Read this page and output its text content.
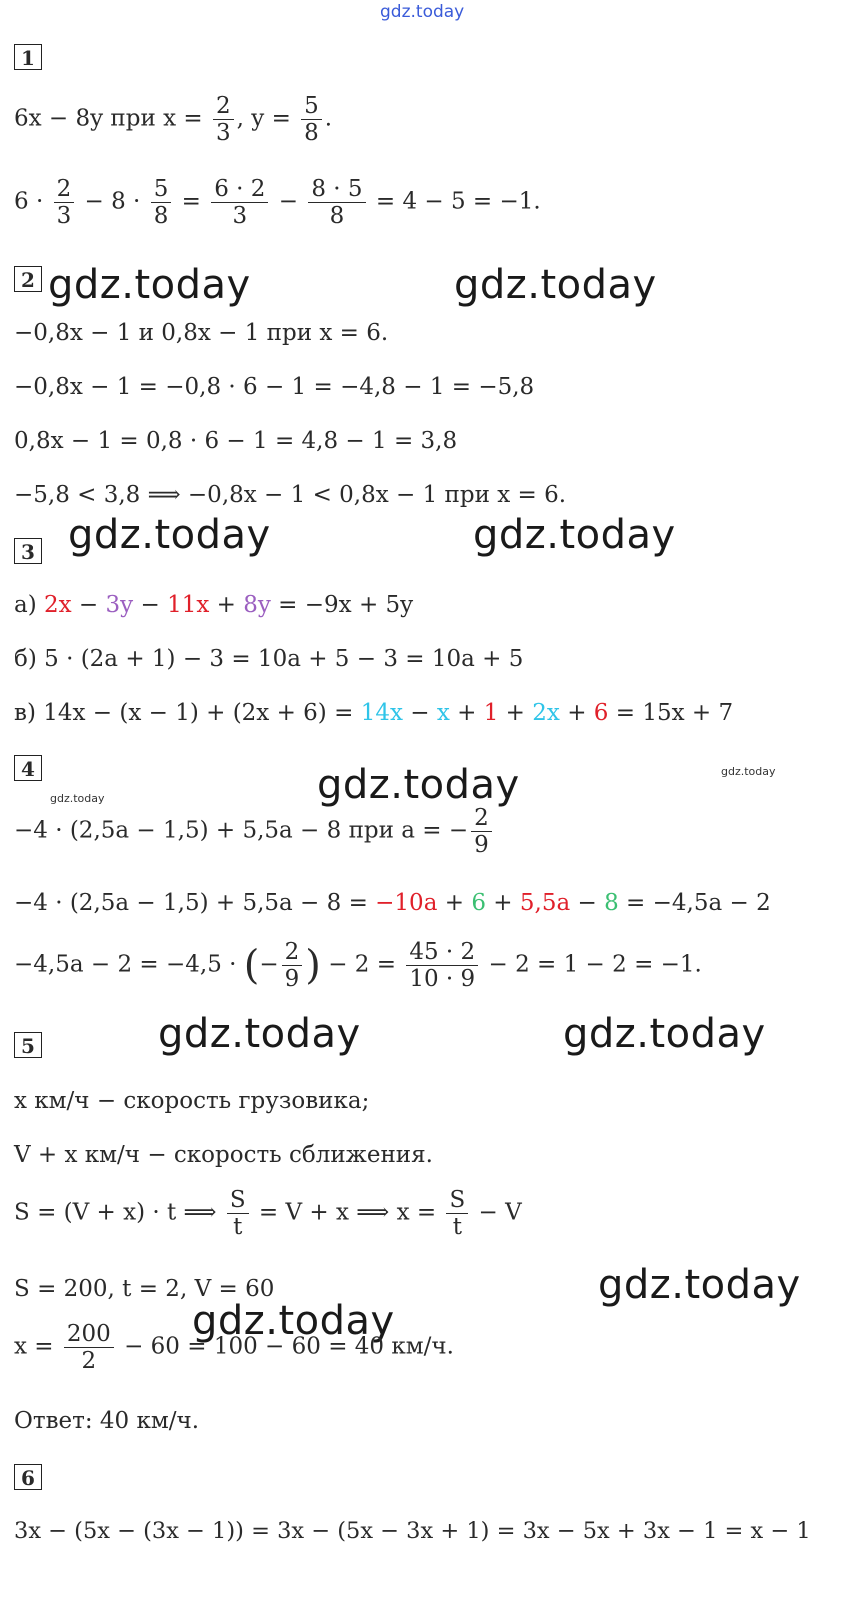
gdz.today
1
6x − 8y при $x = \frac{2}{3}$ , $y = \frac{5}{8}$ .
$6 \cdot \frac{2}{3} - 8 \cdot \frac{5}{8} = \frac{6 \cdot 2}{3} - \frac{8 \cdot 5}{8} = 4 - 5 = -1$.
2 gdz.today	gdz.today
−0,8x − 1 и 0,8x − 1 при x = 6.
−0,8x − 1 = −0,8 · 6 − 1 = −4,8 − 1 = −5,8
0,8x − 1 = 0,8 · 6 − 1 = 4,8 − 1 = 3,8
−5,8 < 3,8 ⟹ −0,8x − 1 < 0,8x − 1 при x = 6.
3 gdz.today	gdz.today
а) 2x − 3y − 11x + 8y = −9x + 5y
б) 5 · (2a + 1) − 3 = 10a + 5 − 3 = 10a + 5
в) 14x − (x − 1) + (2x + 6) = 14x − x + 1 + 2x + 6 = 15x + 7
4
gdz.today	gdz.today	gdz.today
−4 · (2,5a − 1,5) + 5,5a − 8 при a = − $\frac{2}{9}$
−4 · (2,5a − 1,5) + 5,5a − 8 = −10a + 6 + 5,5a − 8 = −4,5a − 2
−4,5a − 2 = −4,5 · (− $\frac{2}{9}$ ) − $2 = \frac{45 \cdot 2}{10 \cdot 9} - 2 = 1 - 2 = -1$.
5	gdz.today	gdz.today
x км/ч − скорость грузовика;
V + x км/ч − скорость сближения.
S = (V + x) · t ⟹ $\frac{S}{t} = V + x$ ⟹ $x = \frac{S}{t} - V$
S = 200, t = 2, V = 60	gdz.today
gdz.today
$x = \frac{200}{2} - 60 = 100 - 60 = 40$ км/ч.
Ответ: 40 км/ч.
6
3x − (5x − (3x − 1)) = 3x − (5x − 3x + 1) = 3x − 5x + 3x − 1 = x − 1
